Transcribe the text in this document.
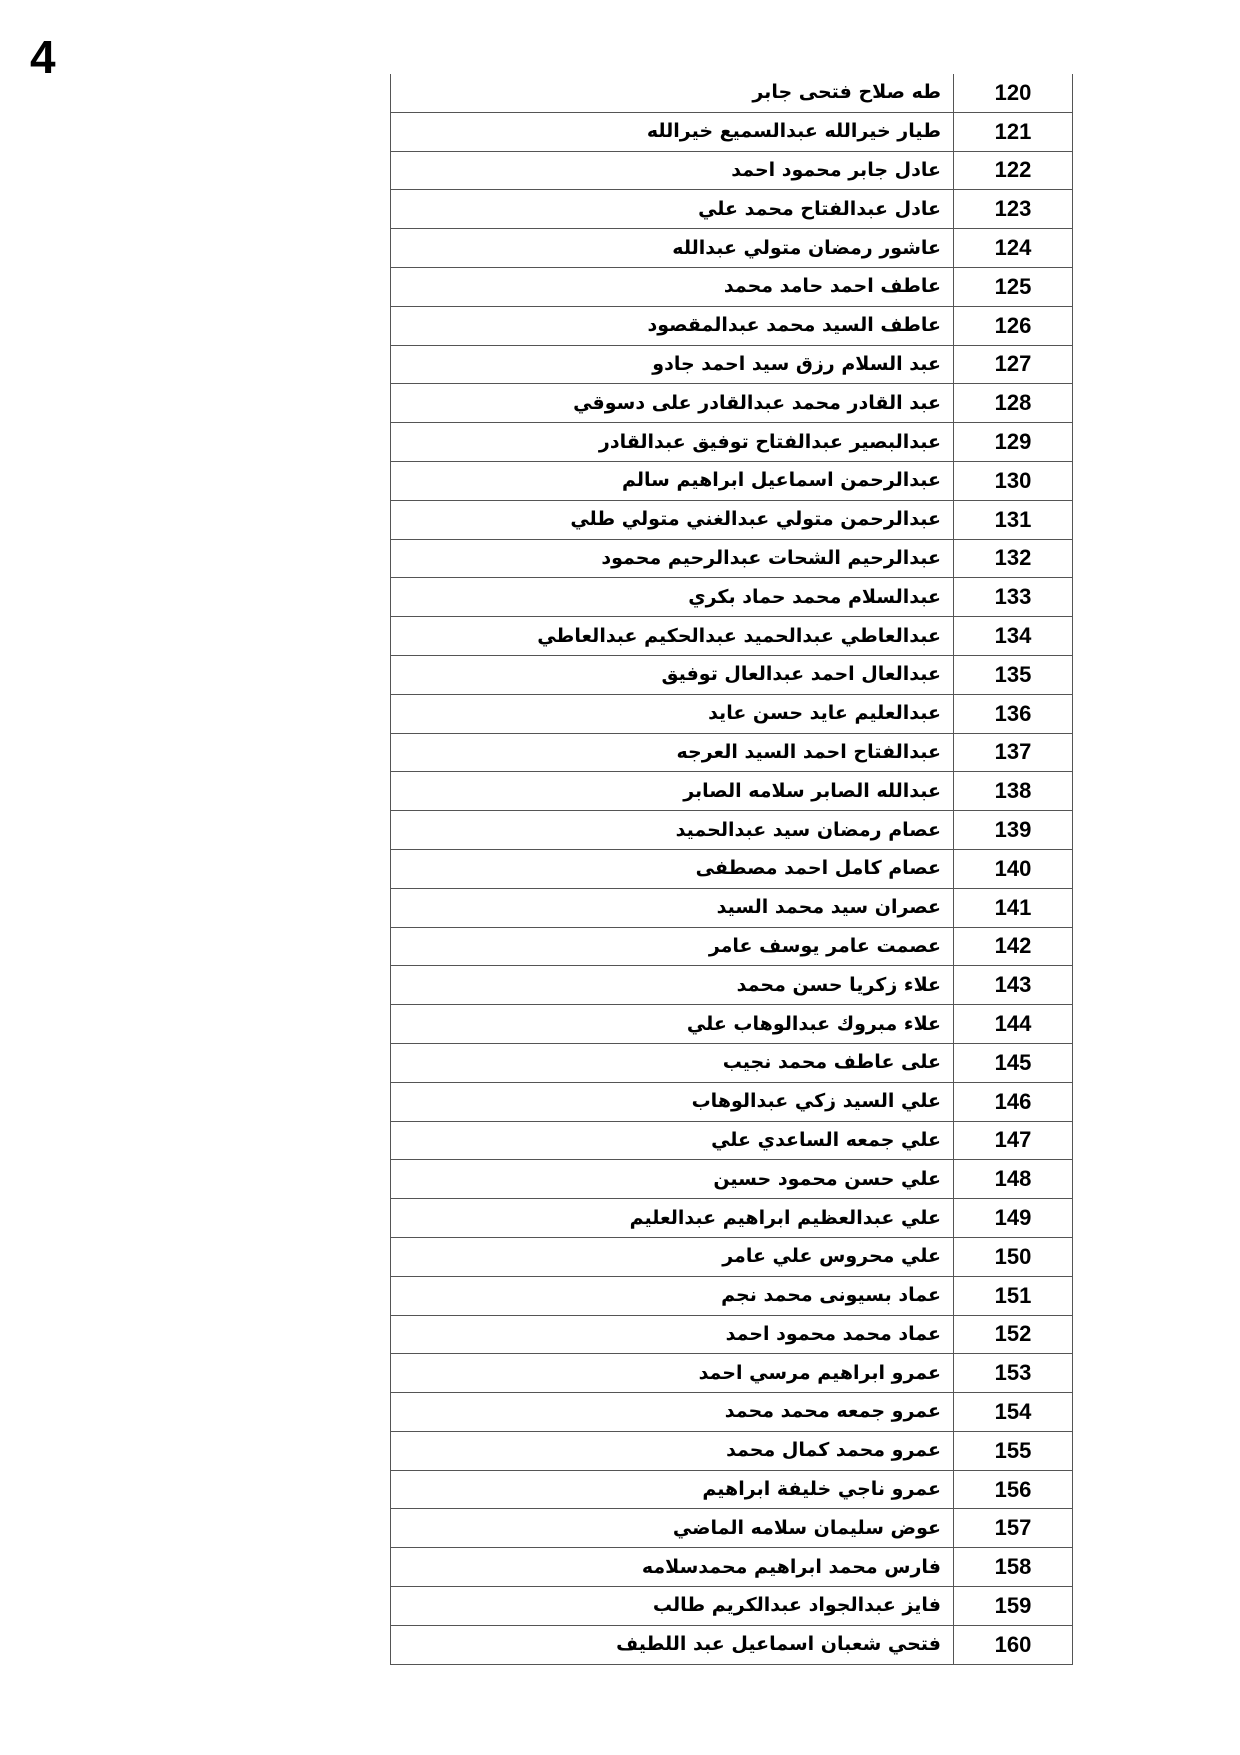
4
طه صلاح فتحى جابر	120
طيار خيرالله عبدالسميع خيرالله	121
عادل جابر محمود احمد	122
عادل عبدالفتاح محمد علي	123
عاشور رمضان متولي عبدالله	124
عاطف احمد حامد محمد	125
عاطف السيد محمد عبدالمقصود	126
عبد السلام رزق سيد احمد جادو	127
عبد القادر محمد عبدالقادر على دسوقي	128
عبدالبصير عبدالفتاح توفيق عبدالقادر	129
عبدالرحمن اسماعيل ابراهيم سالم	130
عبدالرحمن متولي عبدالغني متولي طلي	131
عبدالرحيم الشحات عبدالرحيم محمود	132
عبدالسلام محمد حماد بكري	133
عبدالعاطي عبدالحميد عبدالحكيم عبدالعاطي	134
عبدالعال احمد عبدالعال توفيق	135
عبدالعليم عايد حسن عايد	136
عبدالفتاح احمد السيد العرجه	137
عبدالله الصابر سلامه الصابر	138
عصام رمضان سيد عبدالحميد	139
عصام كامل احمد مصطفى	140
عصران سيد محمد السيد	141
عصمت عامر يوسف عامر	142
علاء زكريا حسن محمد	143
علاء مبروك عبدالوهاب علي	144
على عاطف محمد نجيب	145
علي السيد زكي عبدالوهاب	146
علي جمعه الساعدي علي	147
علي حسن محمود حسين	148
علي عبدالعظيم ابراهيم عبدالعليم	149
علي محروس علي عامر	150
عماد بسيونى محمد نجم	151
عماد محمد محمود احمد	152
عمرو ابراهيم مرسي احمد	153
عمرو جمعه محمد محمد	154
عمرو محمد كمال محمد	155
عمرو ناجي خليفة ابراهيم	156
عوض سليمان سلامه الماضي	157
فارس محمد ابراهيم محمدسلامه	158
فايز عبدالجواد عبدالكريم طالب	159
فتحي شعبان اسماعيل عبد اللطيف	160
